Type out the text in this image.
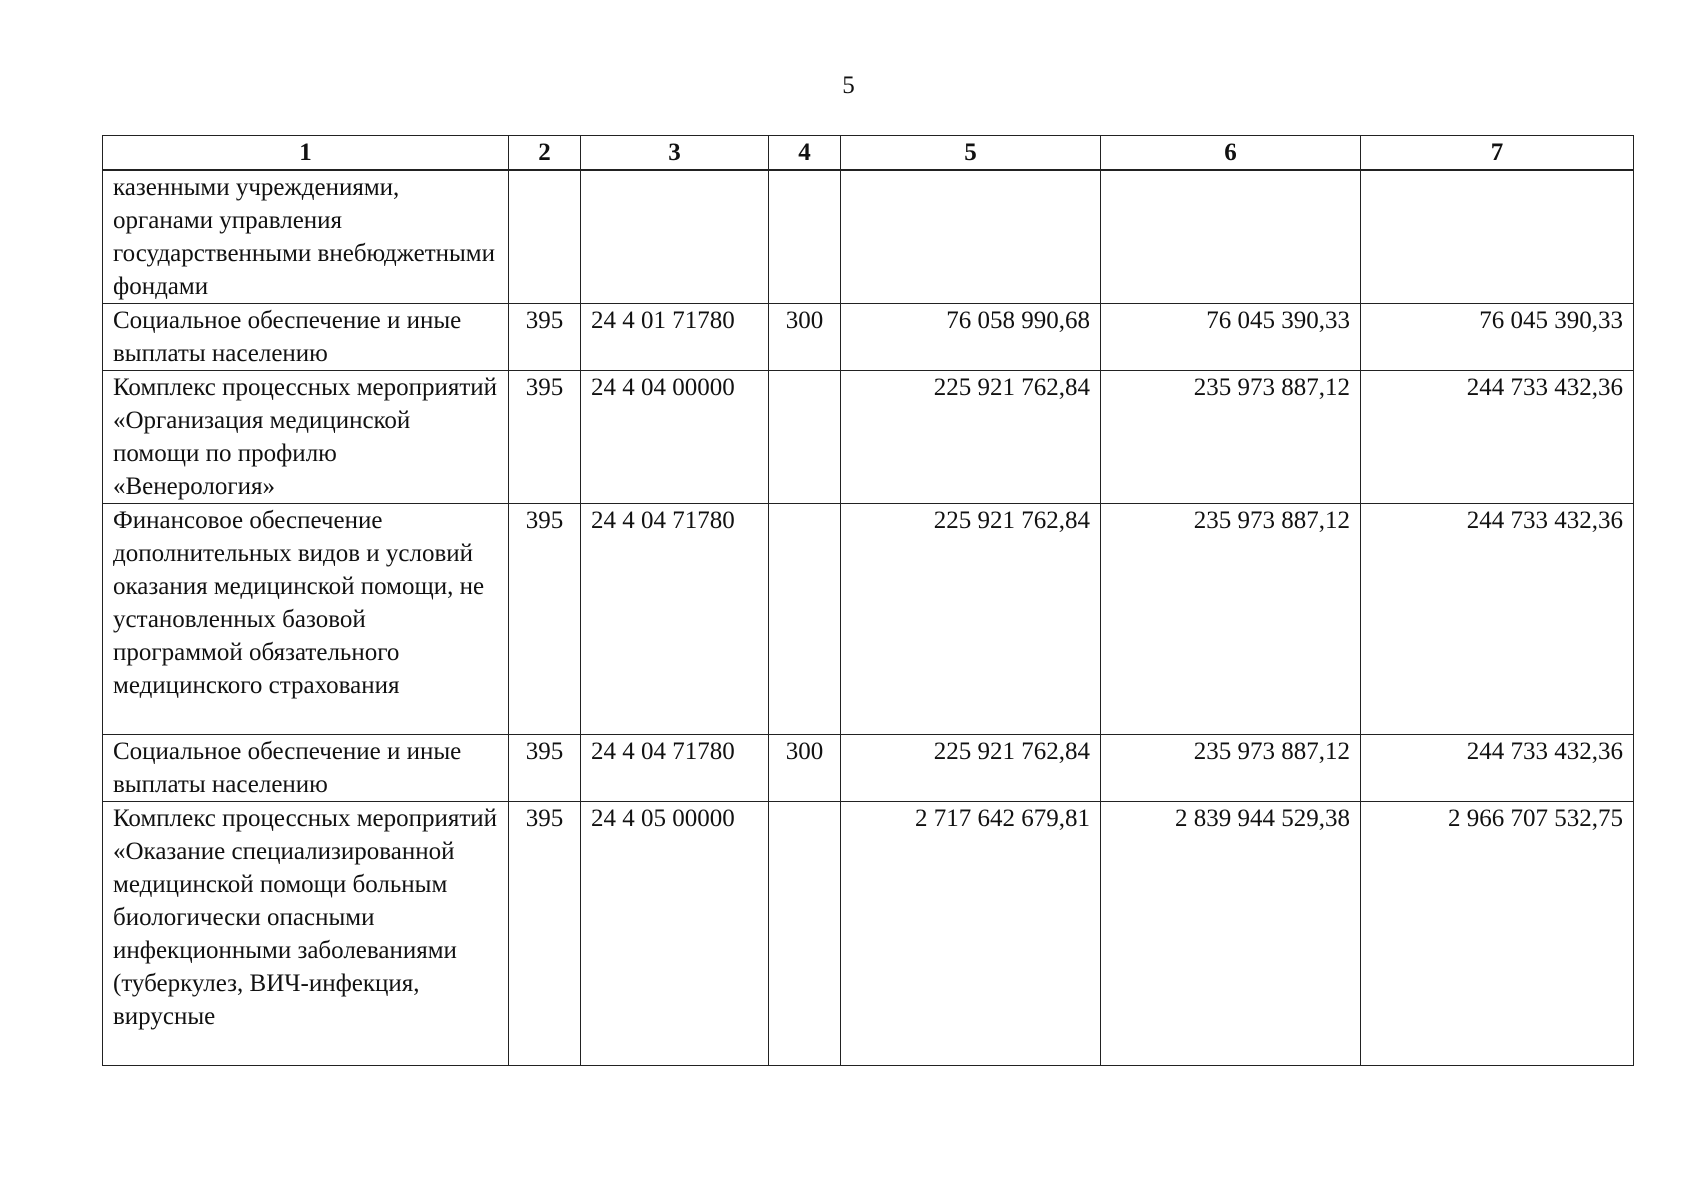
5
1	2	3	4	5	6	7
казенными учреждениями, органами управления государственными внебюджетными фондами						
Социальное обеспечение и иные выплаты населению	395	24 4 01 71780	300	76 058 990,68	76 045 390,33	76 045 390,33
Комплекс процессных мероприятий «Организация медицинской помощи по профилю «Венерология»	395	24 4 04 00000		225 921 762,84	235 973 887,12	244 733 432,36
Финансовое обеспечение дополнительных видов и условий оказания медицинской помощи, не установленных базовой программой обязательного медицинского страхования	395	24 4 04 71780		225 921 762,84	235 973 887,12	244 733 432,36
Социальное обеспечение и иные выплаты населению	395	24 4 04 71780	300	225 921 762,84	235 973 887,12	244 733 432,36
Комплекс процессных мероприятий «Оказание специализированной медицинской помощи больным биологически опасными инфекционными заболеваниями (туберкулез, ВИЧ-инфекция, вирусные	395	24 4 05 00000		2 717 642 679,81	2 839 944 529,38	2 966 707 532,75
